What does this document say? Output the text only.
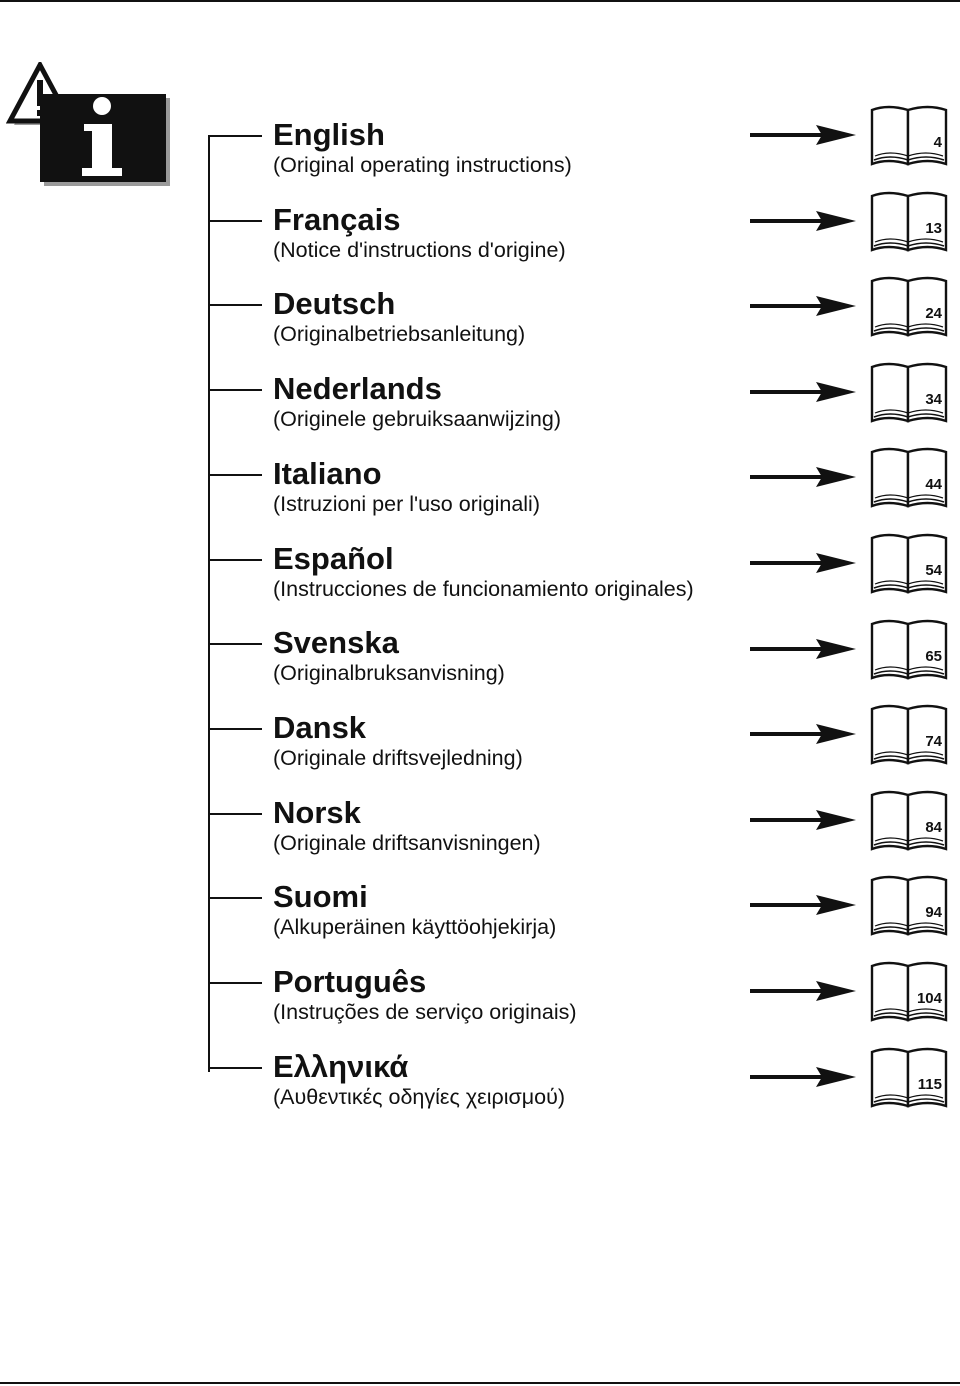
English
(Original operating instructions)
4
Français
(Notice d'instructions d'origine)
13
Deutsch
(Originalbetriebsanleitung)
24
Nederlands
(Originele gebruiksaanwijzing)
34
Italiano
(Istruzioni per l'uso originali)
44
Español
(Instrucciones de funcionamiento originales)
54
Svenska
(Originalbruksanvisning)
65
Dansk
(Originale driftsvejledning)
74
Norsk
(Originale driftsanvisningen)
84
Suomi
(Alkuperäinen käyttöohjekirja)
94
Português
(Instruções de serviço originais)
104
Ελληνικά
(Αυθεντικές οδηγίες χειρισμού)
115
